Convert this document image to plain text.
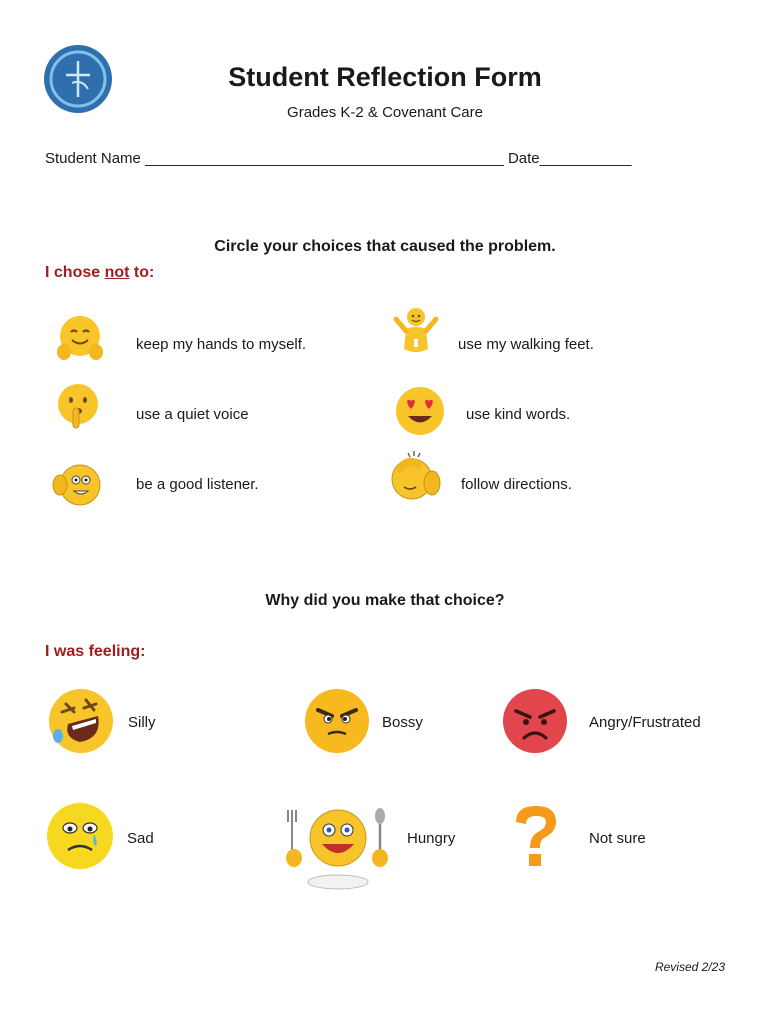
Student Reflection Form
Grades K-2 & Covenant Care
Student Name ___________________________________________ Date___________
Circle your choices that caused the problem.
I chose not to:
keep my hands to myself.	use my walking feet.
use a quiet voice	use kind words.
be a good listener.	follow directions.
Why did you make that choice?
I was feeling:
Silly	Bossy	Angry/Frustrated
Sad	Hungry	Not sure
Revised 2/23
